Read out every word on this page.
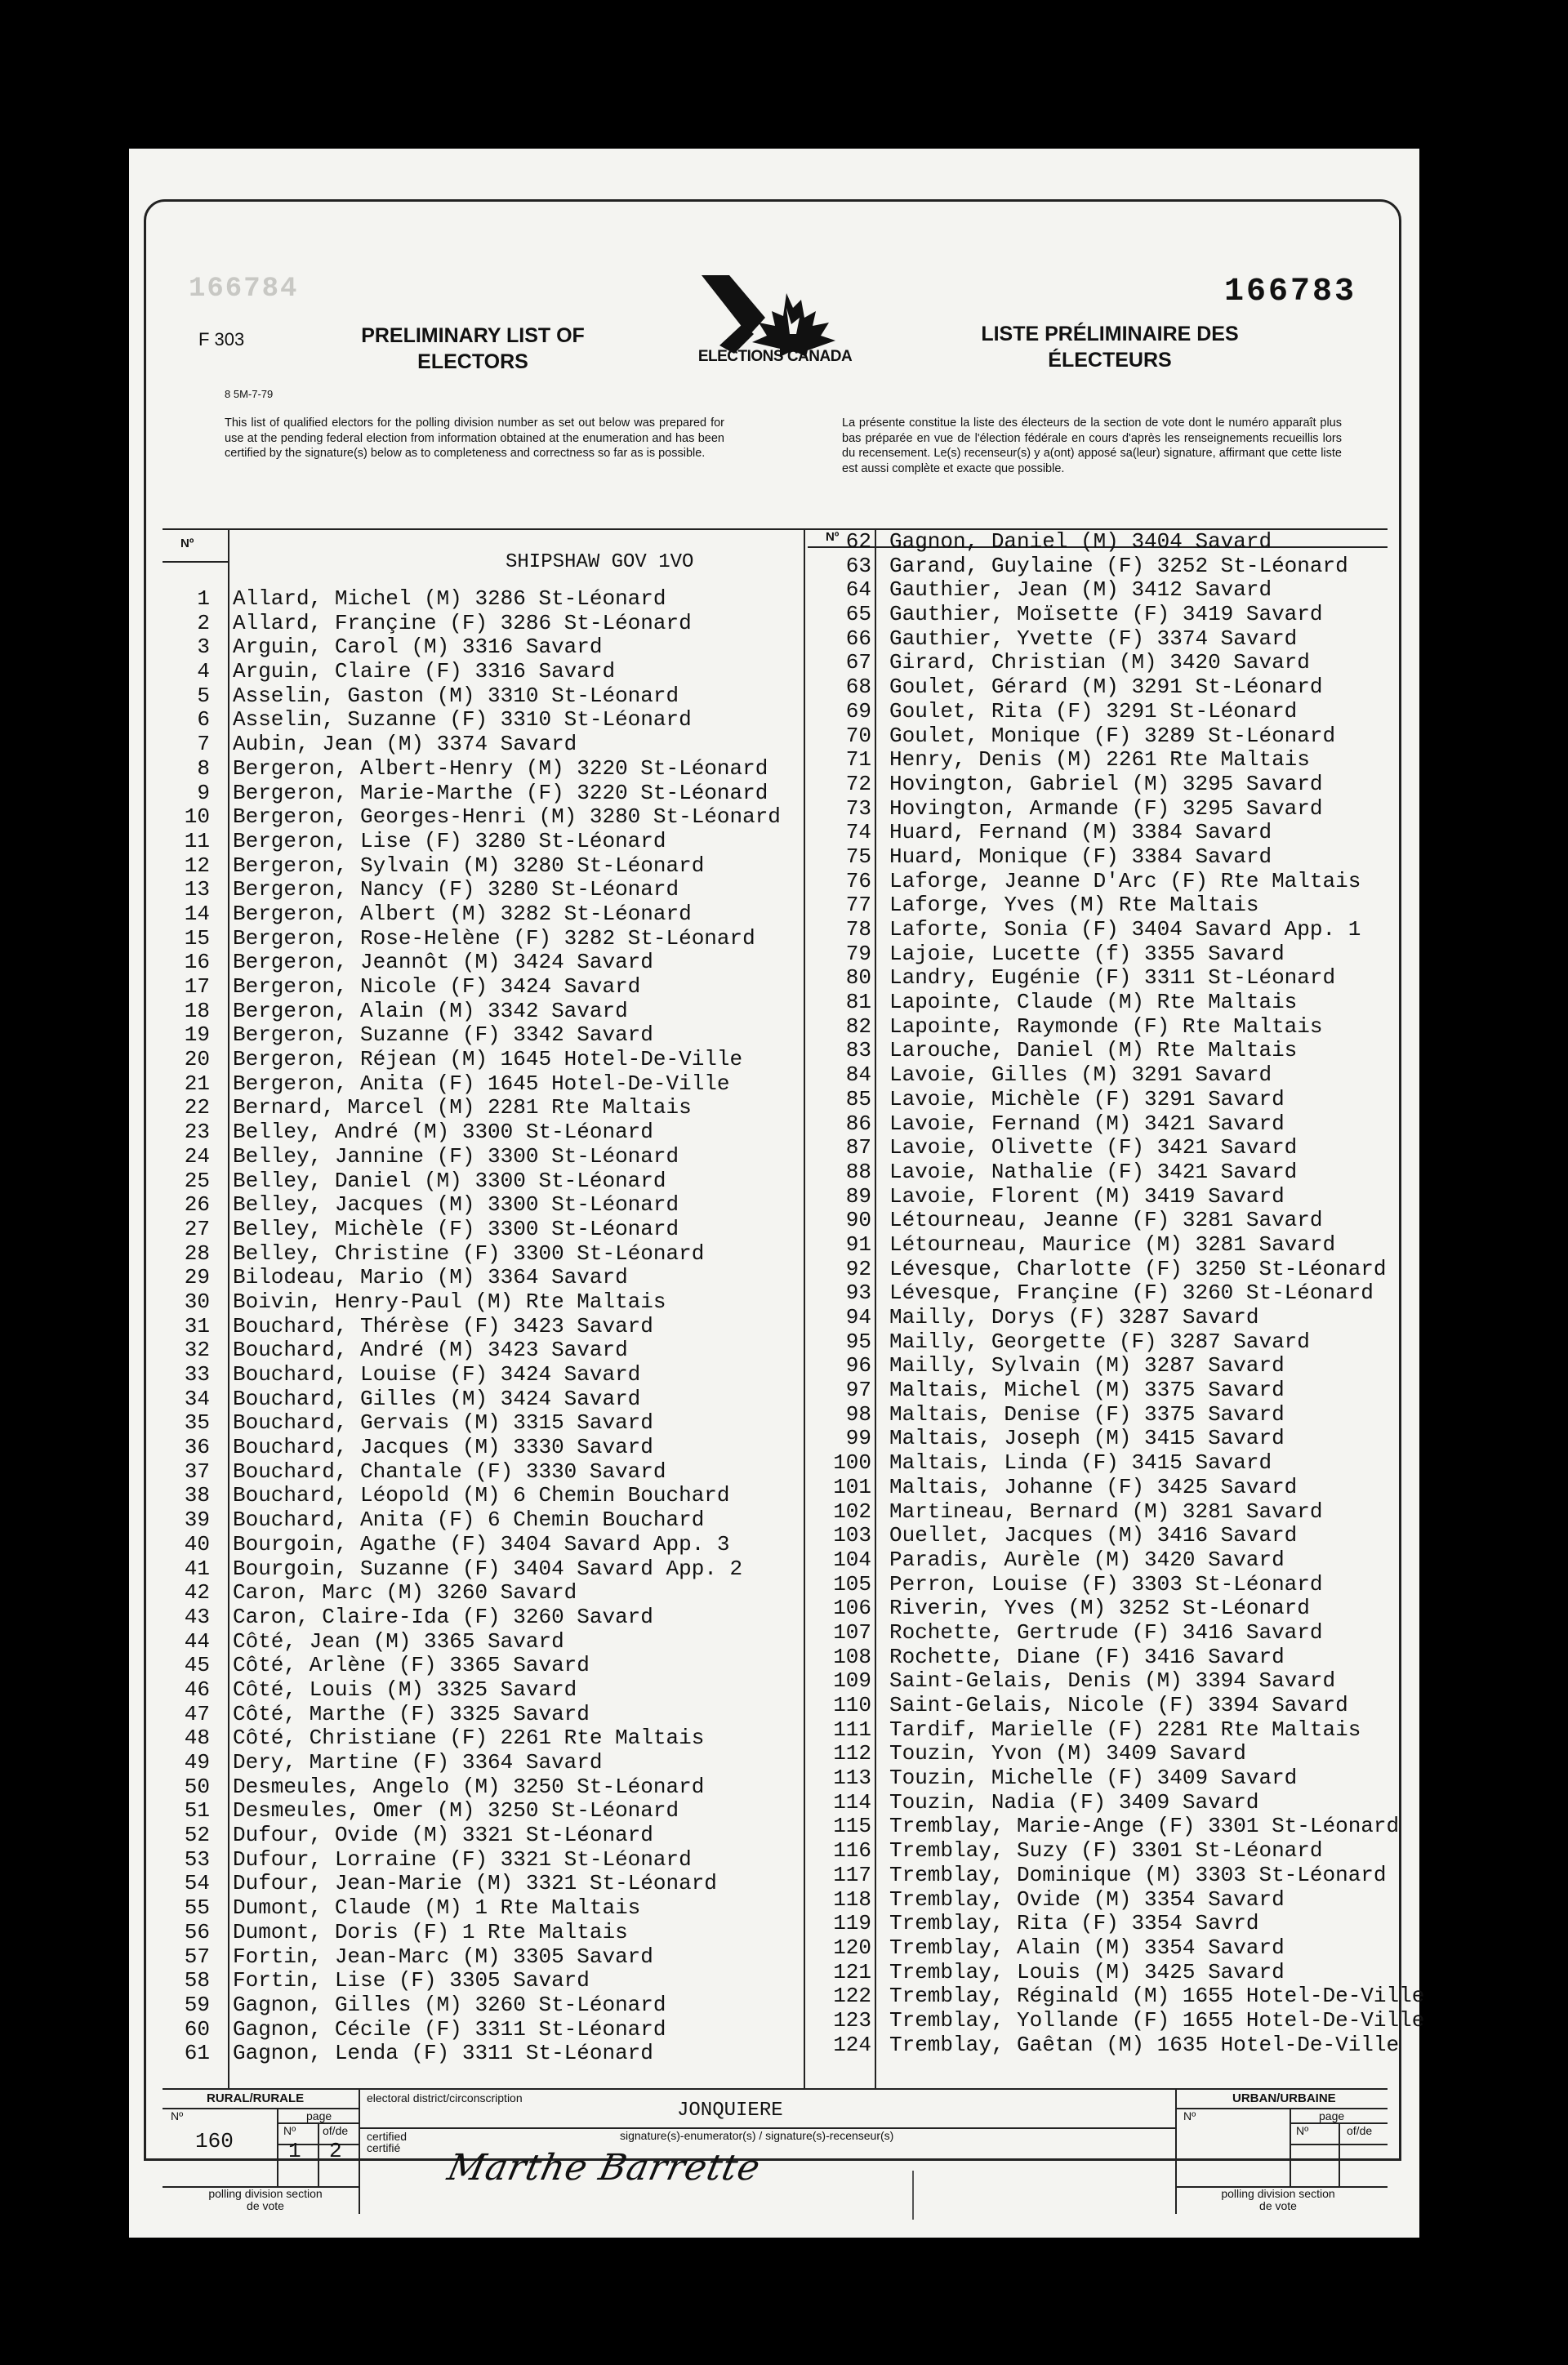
166784	166783
F 303
8 5M-7-79
PRELIMINARY LIST OF ELECTORS
LISTE PRÉLIMINAIRE DES ÉLECTEURS
ELECTIONS CANADA
This list of qualified electors for the polling division number as set out below was prepared for use at the pending federal election from information obtained at the enumeration and has been certified by the signature(s) below as to completeness and correctness so far as is possible.
La présente constitue la liste des électeurs de la section de vote dont le numéro apparaît plus bas préparée en vue de l'élection fédérale en cours d'après les renseignements recueillis lors du recensement. Le(s) recenseur(s) y a(ont) apposé sa(leur) signature, affirmant que cette liste est aussi complète et exacte que possible.
Nº	Nº
SHIPSHAW GOV 1VO
1 Allard, Michel (M) 3286 St-Léonard
2 Allard, Françine (F) 3286 St-Léonard
3 Arguin, Carol (M) 3316 Savard
4 Arguin, Claire (F) 3316 Savard
5 Asselin, Gaston (M) 3310 St-Léonard
6 Asselin, Suzanne (F) 3310 St-Léonard
7 Aubin, Jean (M) 3374 Savard
8 Bergeron, Albert-Henry (M) 3220 St-Léonard
9 Bergeron, Marie-Marthe (F) 3220 St-Léonard
10 Bergeron, Georges-Henri (M) 3280 St-Léonard
11 Bergeron, Lise (F) 3280 St-Léonard
12 Bergeron, Sylvain (M) 3280 St-Léonard
13 Bergeron, Nancy (F) 3280 St-Léonard
14 Bergeron, Albert (M) 3282 St-Léonard
15 Bergeron, Rose-Helène (F) 3282 St-Léonard
16 Bergeron, Jeannôt (M) 3424 Savard
17 Bergeron, Nicole (F) 3424 Savard
18 Bergeron, Alain (M) 3342 Savard
19 Bergeron, Suzanne (F) 3342 Savard
20 Bergeron, Réjean (M) 1645 Hotel-De-Ville
21 Bergeron, Anita (F) 1645 Hotel-De-Ville
22 Bernard, Marcel (M) 2281 Rte Maltais
23 Belley, André (M) 3300 St-Léonard
24 Belley, Jannine (F) 3300 St-Léonard
25 Belley, Daniel (M) 3300 St-Léonard
26 Belley, Jacques (M) 3300 St-Léonard
27 Belley, Michèle (F) 3300 St-Léonard
28 Belley, Christine (F) 3300 St-Léonard
29 Bilodeau, Mario (M) 3364 Savard
30 Boivin, Henry-Paul (M) Rte Maltais
31 Bouchard, Thérèse (F) 3423 Savard
32 Bouchard, André (M) 3423 Savard
33 Bouchard, Louise (F) 3424 Savard
34 Bouchard, Gilles (M) 3424 Savard
35 Bouchard, Gervais (M) 3315 Savard
36 Bouchard, Jacques (M) 3330 Savard
37 Bouchard, Chantale (F) 3330 Savard
38 Bouchard, Léopold (M) 6 Chemin Bouchard
39 Bouchard, Anita (F) 6 Chemin Bouchard
40 Bourgoin, Agathe (F) 3404 Savard App. 3
41 Bourgoin, Suzanne (F) 3404 Savard App. 2
42 Caron, Marc (M) 3260 Savard
43 Caron, Claire-Ida (F) 3260 Savard
44 Côté, Jean (M) 3365 Savard
45 Côté, Arlène (F) 3365 Savard
46 Côté, Louis (M) 3325 Savard
47 Côté, Marthe (F) 3325 Savard
48 Côté, Christiane (F) 2261 Rte Maltais
49 Dery, Martine (F) 3364 Savard
50 Desmeules, Angelo (M) 3250 St-Léonard
51 Desmeules, Omer (M) 3250 St-Léonard
52 Dufour, Ovide (M) 3321 St-Léonard
53 Dufour, Lorraine (F) 3321 St-Léonard
54 Dufour, Jean-Marie (M) 3321 St-Léonard
55 Dumont, Claude (M) 1 Rte Maltais
56 Dumont, Doris (F) 1 Rte Maltais
57 Fortin, Jean-Marc (M) 3305 Savard
58 Fortin, Lise (F) 3305 Savard
59 Gagnon, Gilles (M) 3260 St-Léonard
60 Gagnon, Cécile (F) 3311 St-Léonard
61 Gagnon, Lenda (F) 3311 St-Léonard
62 Gagnon, Daniel (M) 3404 Savard
63 Garand, Guylaine (F) 3252 St-Léonard
64 Gauthier, Jean (M) 3412 Savard
65 Gauthier, Moïsette (F) 3419 Savard
66 Gauthier, Yvette (F) 3374 Savard
67 Girard, Christian (M) 3420 Savard
68 Goulet, Gérard (M) 3291 St-Léonard
69 Goulet, Rita (F) 3291 St-Léonard
70 Goulet, Monique (F) 3289 St-Léonard
71 Henry, Denis (M) 2261 Rte Maltais
72 Hovington, Gabriel (M) 3295 Savard
73 Hovington, Armande (F) 3295 Savard
74 Huard, Fernand (M) 3384 Savard
75 Huard, Monique (F) 3384 Savard
76 Laforge, Jeanne D'Arc (F) Rte Maltais
77 Laforge, Yves (M) Rte Maltais
78 Laforte, Sonia (F) 3404 Savard App. 1
79 Lajoie, Lucette (f) 3355 Savard
80 Landry, Eugénie (F) 3311 St-Léonard
81 Lapointe, Claude (M) Rte Maltais
82 Lapointe, Raymonde (F) Rte Maltais
83 Larouche, Daniel (M) Rte Maltais
84 Lavoie, Gilles (M) 3291 Savard
85 Lavoie, Michèle (F) 3291 Savard
86 Lavoie, Fernand (M) 3421 Savard
87 Lavoie, Olivette (F) 3421 Savard
88 Lavoie, Nathalie (F) 3421 Savard
89 Lavoie, Florent (M) 3419 Savard
90 Létourneau, Jeanne (F) 3281 Savard
91 Létourneau, Maurice (M) 3281 Savard
92 Lévesque, Charlotte (F) 3250 St-Léonard
93 Lévesque, Françine (F) 3260 St-Léonard
94 Mailly, Dorys (F) 3287 Savard
95 Mailly, Georgette (F) 3287 Savard
96 Mailly, Sylvain (M) 3287 Savard
97 Maltais, Michel (M) 3375 Savard
98 Maltais, Denise (F) 3375 Savard
99 Maltais, Joseph (M) 3415 Savard
100 Maltais, Linda (F) 3415 Savard
101 Maltais, Johanne (F) 3425 Savard
102 Martineau, Bernard (M) 3281 Savard
103 Ouellet, Jacques (M) 3416 Savard
104 Paradis, Aurèle (M) 3420 Savard
105 Perron, Louise (F) 3303 St-Léonard
106 Riverin, Yves (M) 3252 St-Léonard
107 Rochette, Gertrude (F) 3416 Savard
108 Rochette, Diane (F) 3416 Savard
109 Saint-Gelais, Denis (M) 3394 Savard
110 Saint-Gelais, Nicole (F) 3394 Savard
111 Tardif, Marielle (F) 2281 Rte Maltais
112 Touzin, Yvon (M) 3409 Savard
113 Touzin, Michelle (F) 3409 Savard
114 Touzin, Nadia (F) 3409 Savard
115 Tremblay, Marie-Ange (F) 3301 St-Léonard
116 Tremblay, Suzy (F) 3301 St-Léonard
117 Tremblay, Dominique (M) 3303 St-Léonard
118 Tremblay, Ovide (M) 3354 Savard
119 Tremblay, Rita (F) 3354 Savrd
120 Tremblay, Alain (M) 3354 Savard
121 Tremblay, Louis (M) 3425 Savard
122 Tremblay, Réginald (M) 1655 Hotel-De-Ville
123 Tremblay, Yollande (F) 1655 Hotel-De-Ville
124 Tremblay, Gaêtan (M) 1635 Hotel-De-Ville
RURAL/RURALE	URBAN/URBAINE
Nº	Nº
page	page
Nº	Nº
of/de	of/de
160	1 2
polling division section de vote
polling division section de vote
electoral district/circonscription
JONQUIERE
certified certifié
signature(s)-enumerator(s) / signature(s)-recenseur(s)
Marthe Barrette
